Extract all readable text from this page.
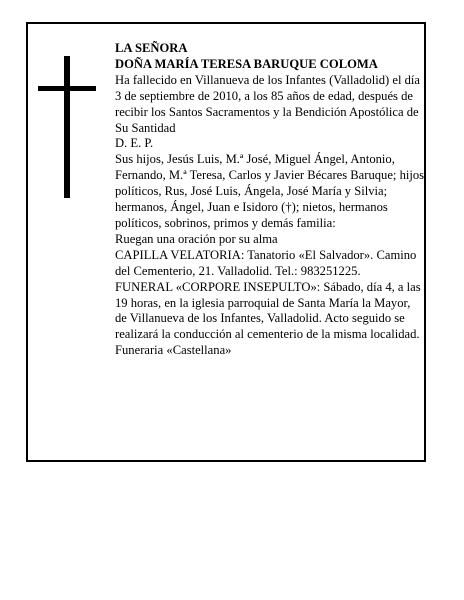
LA SEÑORA

DOÑA MARÍA TERESA BARUQUE COLOMA

Ha fallecido en Villanueva de los Infantes (Valladolid) el día 3 de septiembre de 2010, a los 85 años de edad, después de recibir los Santos Sacramentos y la Bendición Apostólica de Su Santidad

D. E. P.

Sus hijos, Jesús Luis, M.ª José, Miguel Ángel, Antonio, Fernando, M.ª Teresa, Carlos y Javier Bécares Baruque; hijos políticos, Rus, José Luis, Ángela, José María y Silvia; hermanos, Ángel, Juan e Isidoro (†); nietos, hermanos políticos, sobrinos, primos y demás familia:

Ruegan una oración por su alma

CAPILLA VELATORIA: Tanatorio «El Salvador». Camino del Cementerio, 21. Valladolid. Tel.: 983251225.

FUNERAL «CORPORE INSEPULTO»: Sábado, día 4, a las 19 horas, en la iglesia parroquial de Santa María la Mayor, de Villanueva de los Infantes, Valladolid. Acto seguido se realizará la conducción al cementerio de la misma localidad.

Funeraria «Castellana»
